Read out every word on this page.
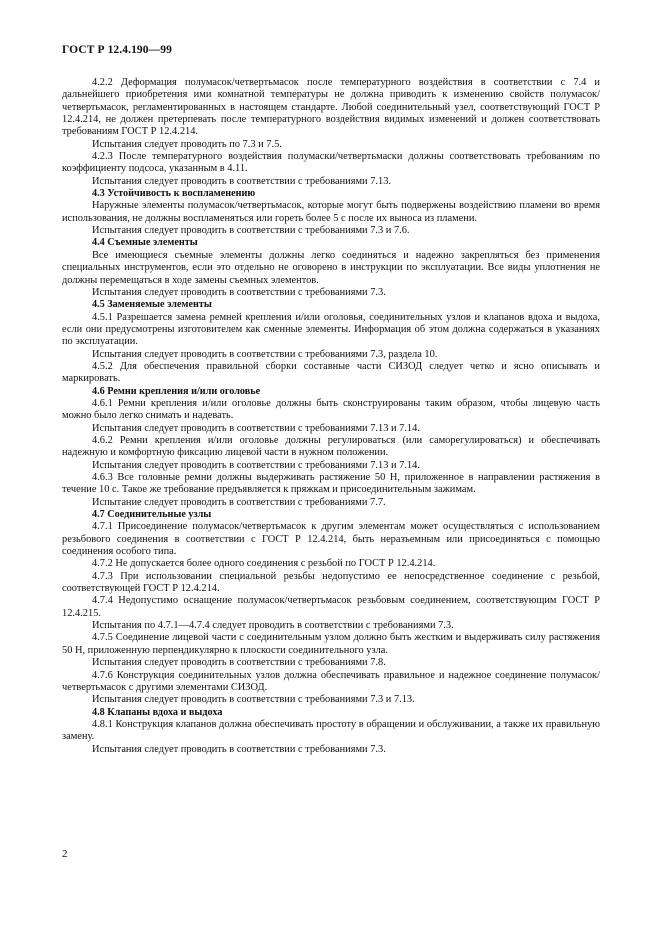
ГОСТ Р 12.4.190—99

4.2.2 Деформация полумасок/четвертьмасок после температурного воздействия в соответствии с 7.4 и дальнейшего приобретения ими комнатной температуры не должна приводить к изменению свойств полумасок/четвертьмасок, регламентированных в настоящем стандарте. Любой соединительный узел, соответствующий ГОСТ Р 12.4.214, не должен претерпевать после температурного воздействия видимых изменений и должен соответствовать требованиям ГОСТ Р 12.4.214.

Испытания следует проводить по 7.3 и 7.5.

4.2.3 После температурного воздействия полумаски/четвертьмаски должны соответствовать требованиям по коэффициенту подсоса, указанным в 4.11.

Испытания следует проводить в соответствии с требованиями 7.13.

4.3 Устойчивость к воспламенению

Наружные элементы полумасок/четвертьмасок, которые могут быть подвержены воздействию пламени во время использования, не должны воспламеняться или гореть более 5 с после их выноса из пламени.

Испытания следует проводить в соответствии с требованиями 7.3 и 7.6.

4.4 Съемные элементы

Все имеющиеся съемные элементы должны легко соединяться и надежно закрепляться без применения специальных инструментов, если это отдельно не оговорено в инструкции по эксплуатации. Все виды уплотнения не должны перемещаться в ходе замены съемных элементов.

Испытания следует проводить в соответствии с требованиями 7.3.

4.5 Заменяемые элементы

4.5.1 Разрешается замена ремней крепления и/или оголовья, соединительных узлов и клапанов вдоха и выдоха, если они предусмотрены изготовителем как сменные элементы. Информация об этом должна содержаться в указаниях по эксплуатации.

Испытания следует проводить в соответствии с требованиями 7.3, раздела 10.

4.5.2 Для обеспечения правильной сборки составные части СИЗОД следует четко и ясно описывать и маркировать.

4.6 Ремни крепления и/или оголовье

4.6.1 Ремни крепления и/или оголовье должны быть сконструированы таким образом, чтобы лицевую часть можно было легко снимать и надевать.

Испытания следует проводить в соответствии с требованиями 7.13 и 7.14.

4.6.2 Ремни крепления и/или оголовье должны регулироваться (или саморегулироваться) и обеспечивать надежную и комфортную фиксацию лицевой части в нужном положении.

Испытания следует проводить в соответствии с требованиями 7.13 и 7.14.

4.6.3 Все головные ремни должны выдерживать растяжение 50 Н, приложенное в направлении растяжения в течение 10 с. Такое же требование предъявляется к пряжкам и присоединительным зажимам.

Испытание следует проводить в соответствии с требованиями 7.7.

4.7 Соединительные узлы

4.7.1 Присоединение полумасок/четвертьмасок к другим элементам может осуществляться с использованием резьбового соединения в соответствии с ГОСТ Р 12.4.214, быть неразъемным или присоединяться с помощью соединения особого типа.

4.7.2 Не допускается более одного соединения с резьбой по ГОСТ Р 12.4.214.

4.7.3 При использовании специальной резьбы недопустимо ее непосредственное соединение с резьбой, соответствующей ГОСТ Р 12.4.214.

4.7.4 Недопустимо оснащение полумасок/четвертьмасок резьбовым соединением, соответствующим ГОСТ Р 12.4.215.

Испытания по 4.7.1—4.7.4 следует проводить в соответствии с требованиями 7.3.

4.7.5 Соединение лицевой части с соединительным узлом должно быть жестким и выдерживать силу растяжения 50 Н, приложенную перпендикулярно к плоскости соединительного узла.

Испытания следует проводить в соответствии с требованиями 7.8.

4.7.6 Конструкция соединительных узлов должна обеспечивать правильное и надежное соединение полумасок/четвертьмасок с другими элементами СИЗОД.

Испытания следует проводить в соответствии с требованиями 7.3 и 7.13.

4.8 Клапаны вдоха и выдоха

4.8.1 Конструкция клапанов должна обеспечивать простоту в обращении и обслуживании, а также их правильную замену.

Испытания следует проводить в соответствии с требованиями 7.3.

2
